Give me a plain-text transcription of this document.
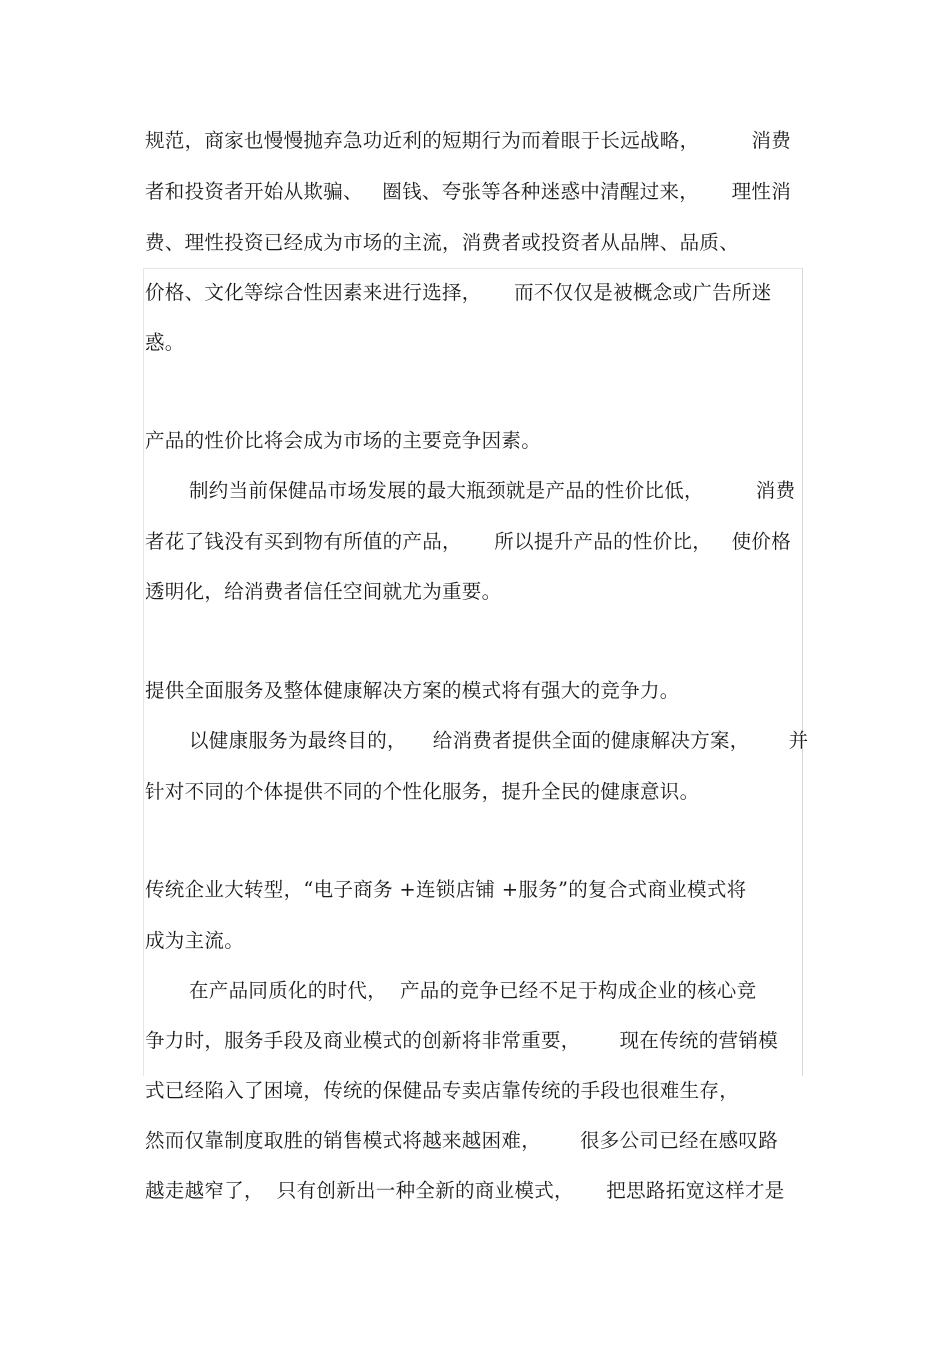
规范，商家也慢慢抛弃急功近利的短期行为而着眼于长远战略，        消费
者和投资者开始从欺骗、   圈钱、夸张等各种迷惑中清醒过来，     理性消
费、理性投资已经成为市场的主流，消费者或投资者从品牌、品质、
价格、文化等综合性因素来进行选择，     而不仅仅是被概念或广告所迷
惑。
产品的性价比将会成为市场的主要竞争因素。
制约当前保健品市场发展的最大瓶颈就是产品的性价比低，        消费
者花了钱没有买到物有所值的产品，     所以提升产品的性价比，   使价格
透明化，给消费者信任空间就尤为重要。
提供全面服务及整体健康解决方案的模式将有强大的竞争力。
以健康服务为最终目的，    给消费者提供全面的健康解决方案，      并
针对不同的个体提供不同的个性化服务，提升全民的健康意识。
传统企业大转型，“电子商务 +连锁店铺 +服务”的复合式商业模式将
成为主流。
在产品同质化的时代，  产品的竞争已经不足于构成企业的核心竞
争力时，服务手段及商业模式的创新将非常重要，      现在传统的营销模
式已经陷入了困境，传统的保健品专卖店靠传统的手段也很难生存，
然而仅靠制度取胜的销售模式将越来越困难，      很多公司已经在感叹路
越走越窄了，  只有创新出一种全新的商业模式，     把思路拓宽这样才是
